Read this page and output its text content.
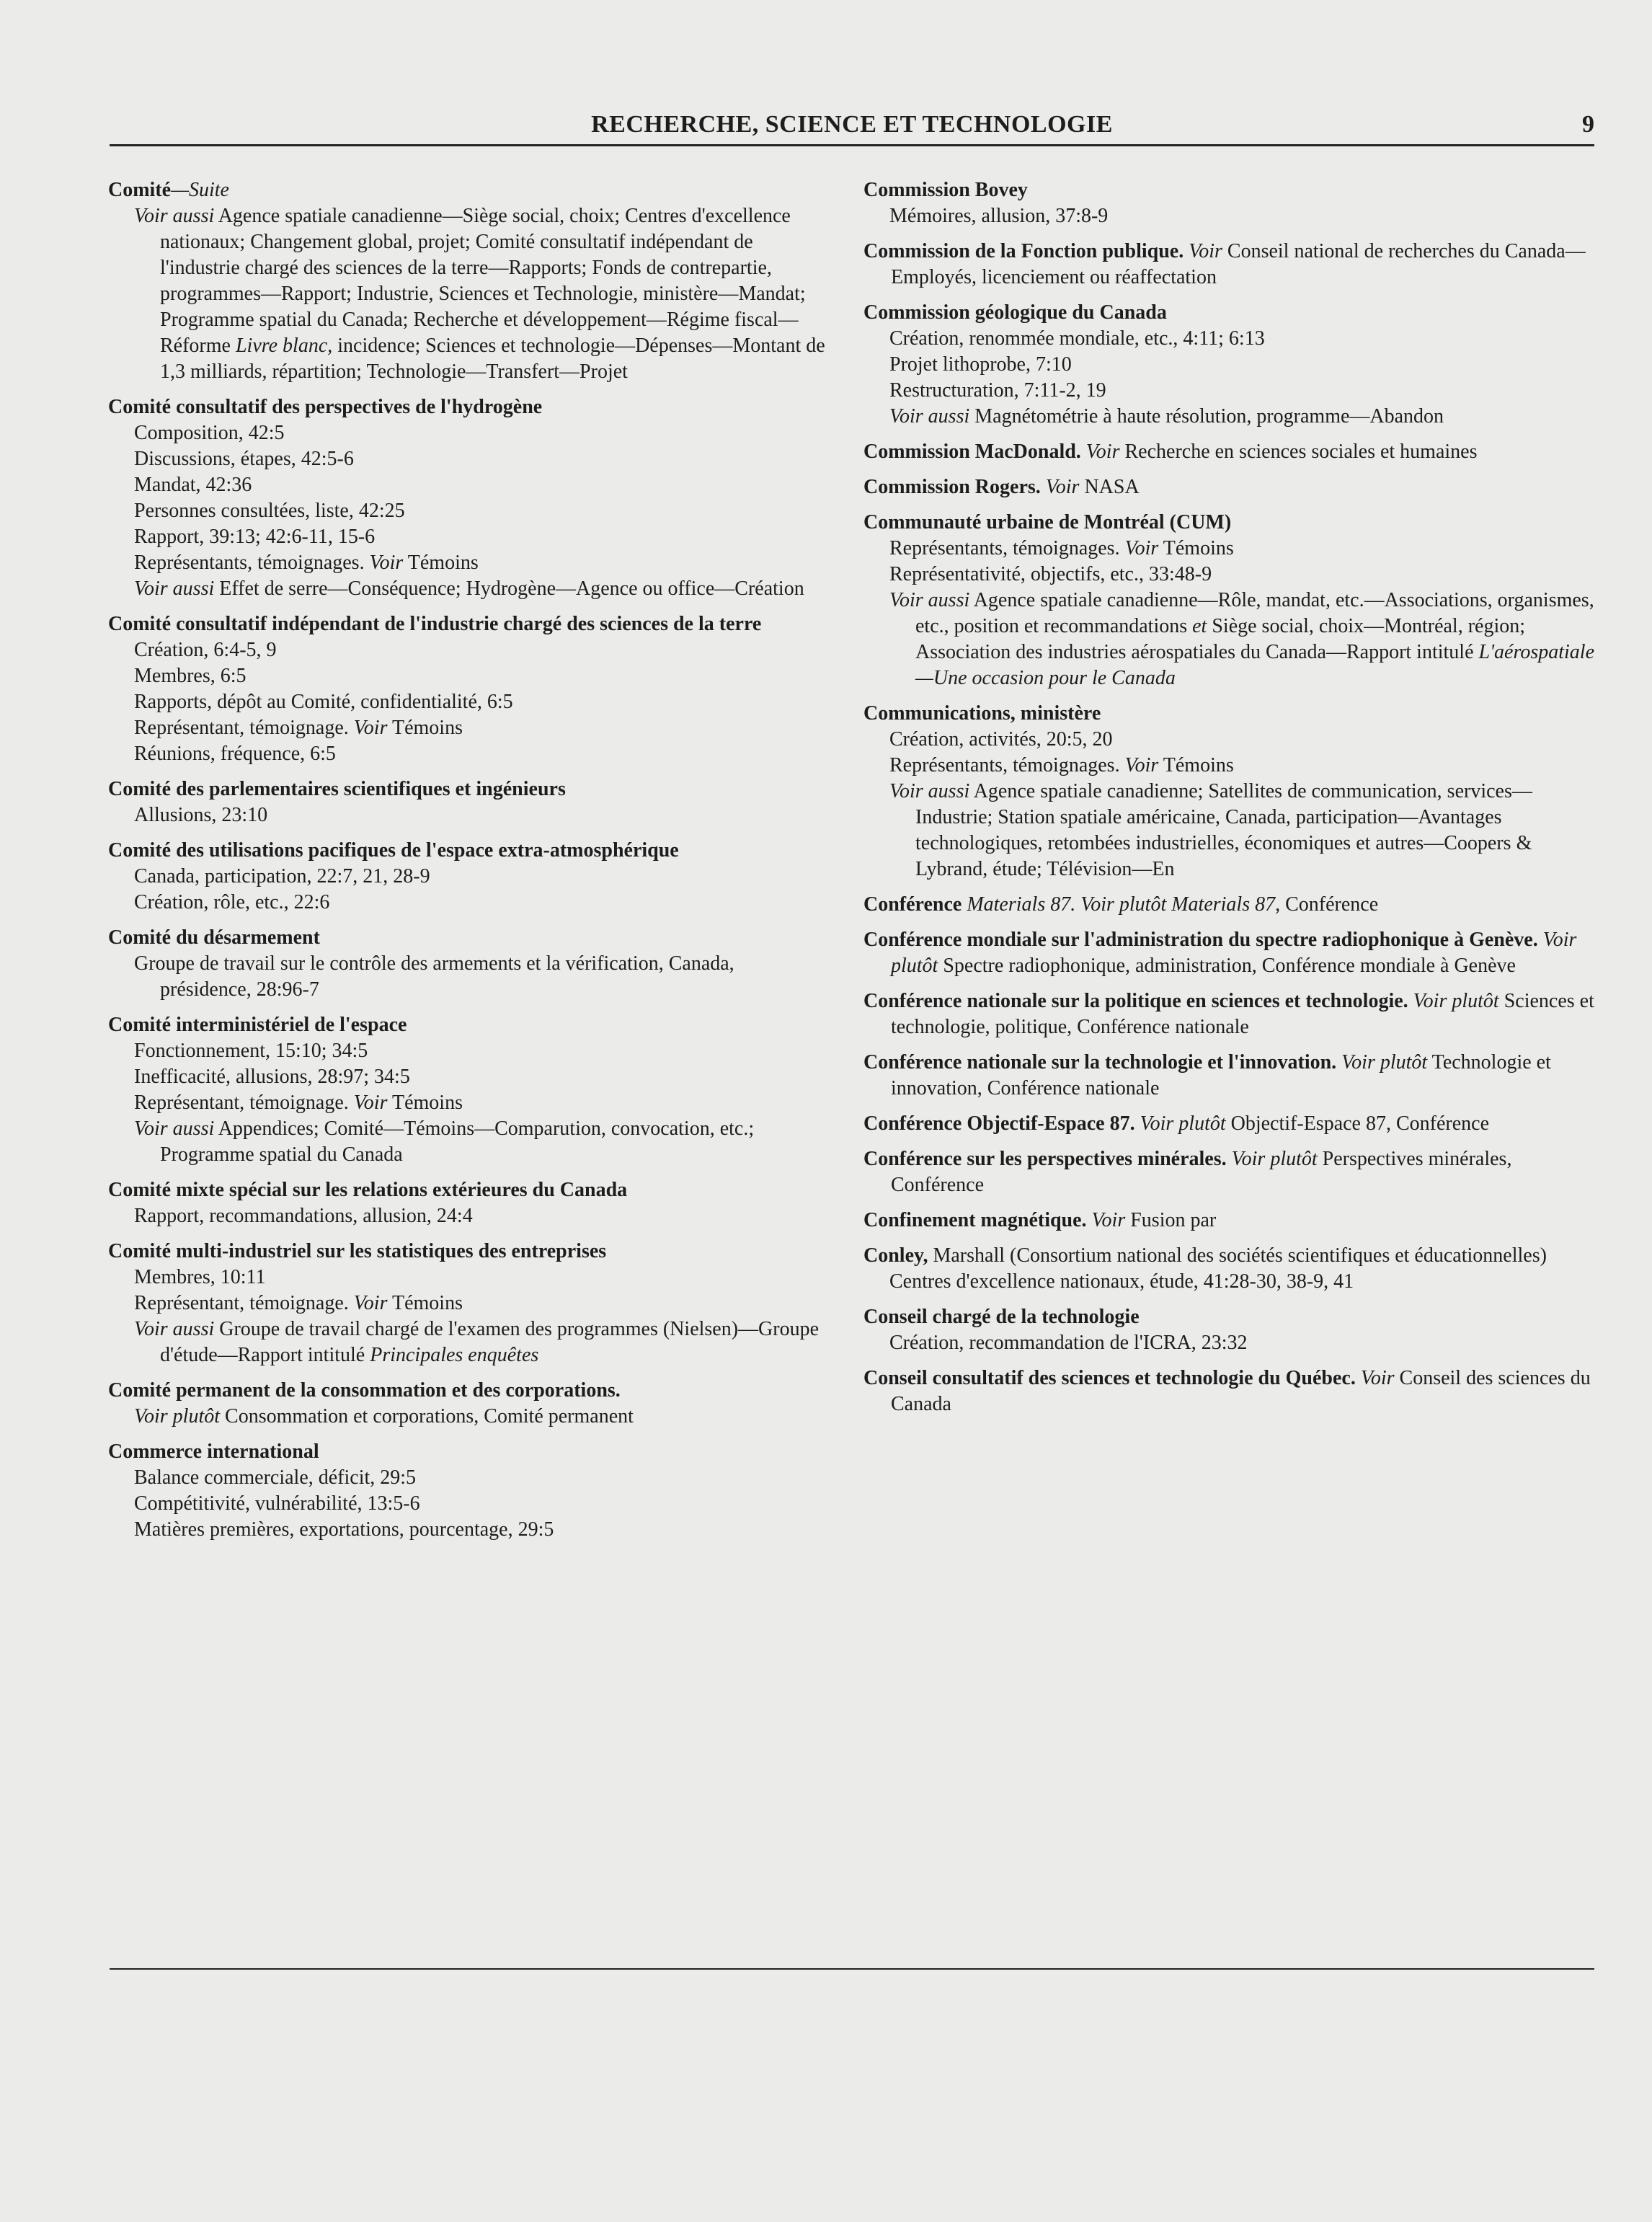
RECHERCHE, SCIENCE ET TECHNOLOGIE	9
Comité—Suite
Voir aussi Agence spatiale canadienne—Siège social, choix; Centres d'excellence nationaux; Changement global, projet; Comité consultatif indépendant de l'industrie chargé des sciences de la terre—Rapports; Fonds de contrepartie, programmes—Rapport; Industrie, Sciences et Technologie, ministère—Mandat; Programme spatial du Canada; Recherche et développement—Régime fiscal—Réforme Livre blanc, incidence; Sciences et technologie—Dépenses—Montant de 1,3 milliards, répartition; Technologie—Transfert—Projet
Comité consultatif des perspectives de l'hydrogène
Composition, 42:5
Discussions, étapes, 42:5-6
Mandat, 42:36
Personnes consultées, liste, 42:25
Rapport, 39:13; 42:6-11, 15-6
Représentants, témoignages. Voir Témoins
Voir aussi Effet de serre—Conséquence; Hydrogène—Agence ou office—Création
Comité consultatif indépendant de l'industrie chargé des sciences de la terre
Création, 6:4-5, 9
Membres, 6:5
Rapports, dépôt au Comité, confidentialité, 6:5
Représentant, témoignage. Voir Témoins
Réunions, fréquence, 6:5
Comité des parlementaires scientifiques et ingénieurs
Allusions, 23:10
Comité des utilisations pacifiques de l'espace extra-atmosphérique
Canada, participation, 22:7, 21, 28-9
Création, rôle, etc., 22:6
Comité du désarmement
Groupe de travail sur le contrôle des armements et la vérification, Canada, présidence, 28:96-7
Comité interministériel de l'espace
Fonctionnement, 15:10; 34:5
Inefficacité, allusions, 28:97; 34:5
Représentant, témoignage. Voir Témoins
Voir aussi Appendices; Comité—Témoins—Comparution, convocation, etc.; Programme spatial du Canada
Comité mixte spécial sur les relations extérieures du Canada
Rapport, recommandations, allusion, 24:4
Comité multi-industriel sur les statistiques des entreprises
Membres, 10:11
Représentant, témoignage. Voir Témoins
Voir aussi Groupe de travail chargé de l'examen des programmes (Nielsen)—Groupe d'étude—Rapport intitulé Principales enquêtes
Comité permanent de la consommation et des corporations.
Voir plutôt Consommation et corporations, Comité permanent
Commerce international
Balance commerciale, déficit, 29:5
Compétitivité, vulnérabilité, 13:5-6
Matières premières, exportations, pourcentage, 29:5
Commission Bovey
Mémoires, allusion, 37:8-9
Commission de la Fonction publique. Voir Conseil national de recherches du Canada—Employés, licenciement ou réaffectation
Commission géologique du Canada
Création, renommée mondiale, etc., 4:11; 6:13
Projet lithoprobe, 7:10
Restructuration, 7:11-2, 19
Voir aussi Magnétométrie à haute résolution, programme—Abandon
Commission MacDonald. Voir Recherche en sciences sociales et humaines
Commission Rogers. Voir NASA
Communauté urbaine de Montréal (CUM)
Représentants, témoignages. Voir Témoins
Représentativité, objectifs, etc., 33:48-9
Voir aussi Agence spatiale canadienne—Rôle, mandat, etc.—Associations, organismes, etc., position et recommandations et Siège social, choix—Montréal, région; Association des industries aérospatiales du Canada—Rapport intitulé L'aérospatiale—Une occasion pour le Canada
Communications, ministère
Création, activités, 20:5, 20
Représentants, témoignages. Voir Témoins
Voir aussi Agence spatiale canadienne; Satellites de communication, services—Industrie; Station spatiale américaine, Canada, participation—Avantages technologiques, retombées industrielles, économiques et autres—Coopers & Lybrand, étude; Télévision—En
Conférence Materials 87. Voir plutôt Materials 87, Conférence
Conférence mondiale sur l'administration du spectre radiophonique à Genève. Voir plutôt Spectre radiophonique, administration, Conférence mondiale à Genève
Conférence nationale sur la politique en sciences et technologie. Voir plutôt Sciences et technologie, politique, Conférence nationale
Conférence nationale sur la technologie et l'innovation. Voir plutôt Technologie et innovation, Conférence nationale
Conférence Objectif-Espace 87. Voir plutôt Objectif-Espace 87, Conférence
Conférence sur les perspectives minérales. Voir plutôt Perspectives minérales, Conférence
Confinement magnétique. Voir Fusion par
Conley, Marshall (Consortium national des sociétés scientifiques et éducationnelles)
Centres d'excellence nationaux, étude, 41:28-30, 38-9, 41
Conseil chargé de la technologie
Création, recommandation de l'ICRA, 23:32
Conseil consultatif des sciences et technologie du Québec. Voir Conseil des sciences du Canada
